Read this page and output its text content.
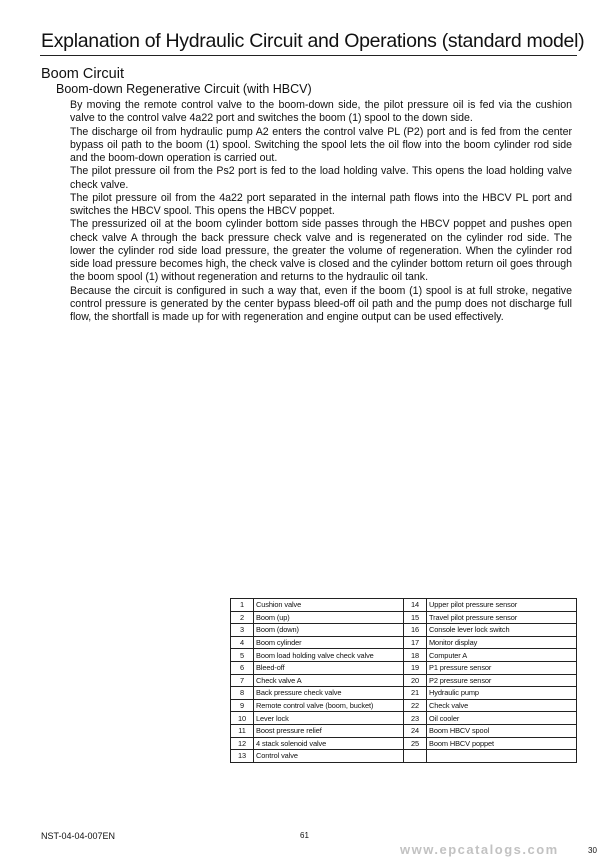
Explanation of Hydraulic Circuit and Operations (standard model)
Boom Circuit
Boom-down Regenerative Circuit (with HBCV)

By moving the remote control valve to the boom-down side, the pilot pressure oil is fed via the cushion valve to the control valve 4a22 port and switches the boom (1) spool to the down side.

The discharge oil from hydraulic pump A2 enters the control valve PL (P2) port and is fed from the center bypass oil path to the boom (1) spool. Switching the spool lets the oil flow into the boom cylinder rod side and the boom-down operation is carried out.

The pilot pressure oil from the Ps2 port is fed to the load holding valve. This opens the load holding valve check valve.

The pilot pressure oil from the 4a22 port separated in the internal path flows into the HBCV PL port and switches the HBCV spool. This opens the HBCV poppet.

The pressurized oil at the boom cylinder bottom side passes through the HBCV poppet and pushes open check valve A through the back pressure check valve and is regenerated on the cylinder rod side. The lower the cylinder rod side load pressure, the greater the volume of regeneration. When the cylinder rod side load pressure becomes high, the check valve is closed and the cylinder bottom return oil goes through the boom spool (1) without regeneration and returns to the hydraulic oil tank.

Because the circuit is configured in such a way that, even if the boom (1) spool is at full stroke, negative control pressure is generated by the center bypass bleed-off oil path and the pump does not discharge full flow, the shortfall is made up for with regeneration and engine output can be used effectively.

1	Cushion valve	14	Upper pilot pressure sensor
2	Boom (up)	15	Travel pilot pressure sensor
3	Boom (down)	16	Console lever lock switch
4	Boom cylinder	17	Monitor display
5	Boom load holding valve check valve	18	Computer A
6	Bleed-off	19	P1 pressure sensor
7	Check valve A	20	P2 pressure sensor
8	Back pressure check valve	21	Hydraulic pump
9	Remote control valve (boom, bucket)	22	Check valve
10	Lever lock	23	Oil cooler
11	Boost pressure relief	24	Boom HBCV spool
12	4 stack solenoid valve	25	Boom HBCV poppet
13	Control valve		
NST-04-04-007EN	61
www.epcatalogs.com	30
